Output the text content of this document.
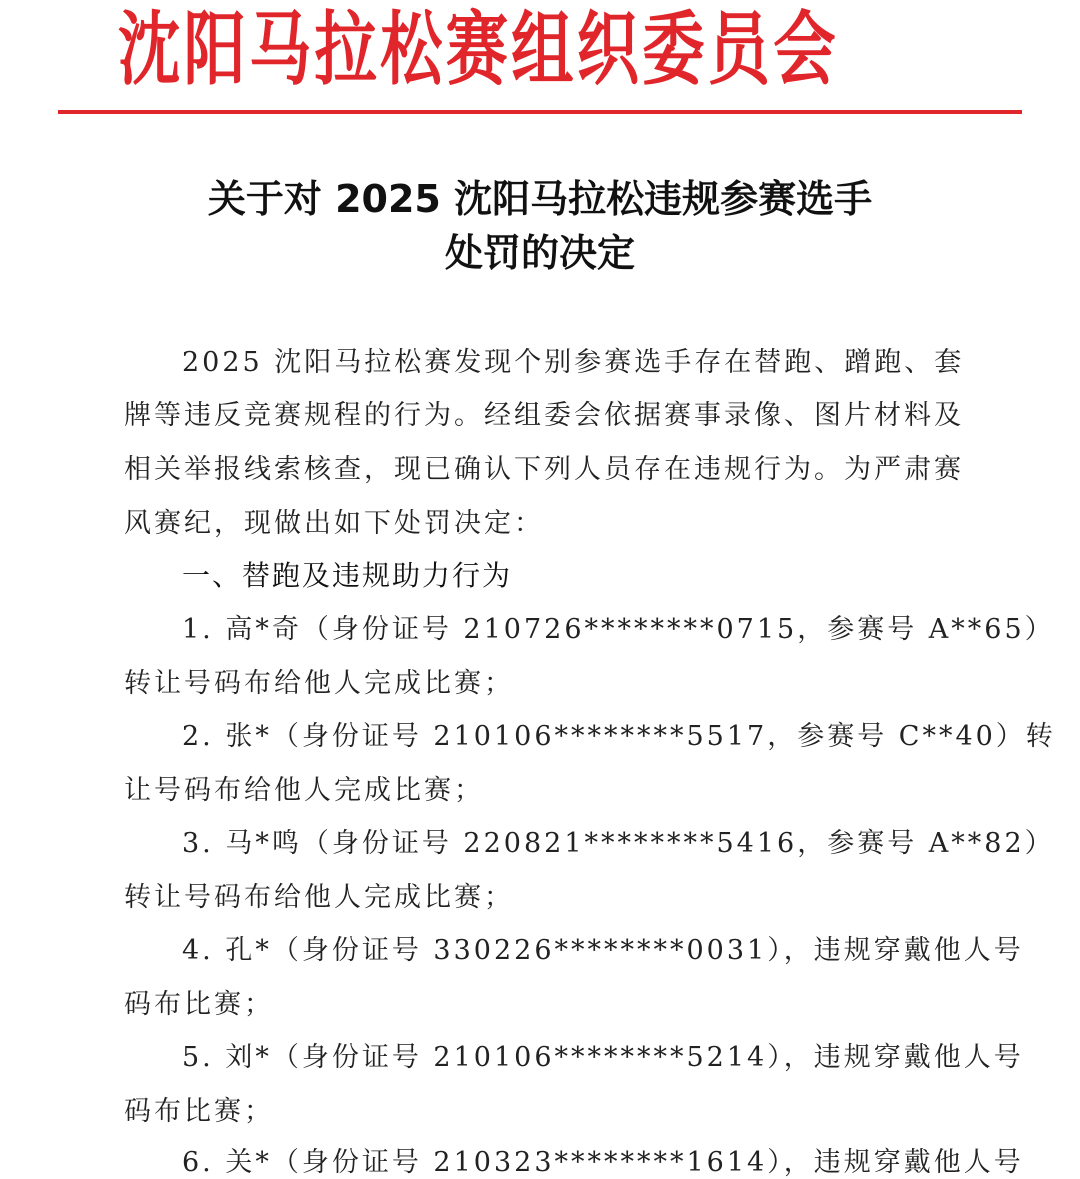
沈阳马拉松赛组织委员会
关于对 2025 沈阳马拉松违规参赛选手
处罚的决定
2025 沈阳马拉松赛发现个别参赛选手存在替跑、蹭跑、套
牌等违反竞赛规程的行为。经组委会依据赛事录像、图片材料及
相关举报线索核查，现已确认下列人员存在违规行为。为严肃赛
风赛纪，现做出如下处罚决定：
一、替跑及违规助力行为
1. 高*奇（身份证号 210726********0715，参赛号 A**65）
转让号码布给他人完成比赛；
2. 张*（身份证号 210106********5517，参赛号 C**40）转
让号码布给他人完成比赛；
3. 马*鸣（身份证号 220821********5416，参赛号 A**82）
转让号码布给他人完成比赛；
4. 孔*（身份证号 330226********0031），违规穿戴他人号
码布比赛；
5. 刘*（身份证号 210106********5214），违规穿戴他人号
码布比赛；
6. 关*（身份证号 210323********1614），违规穿戴他人号
